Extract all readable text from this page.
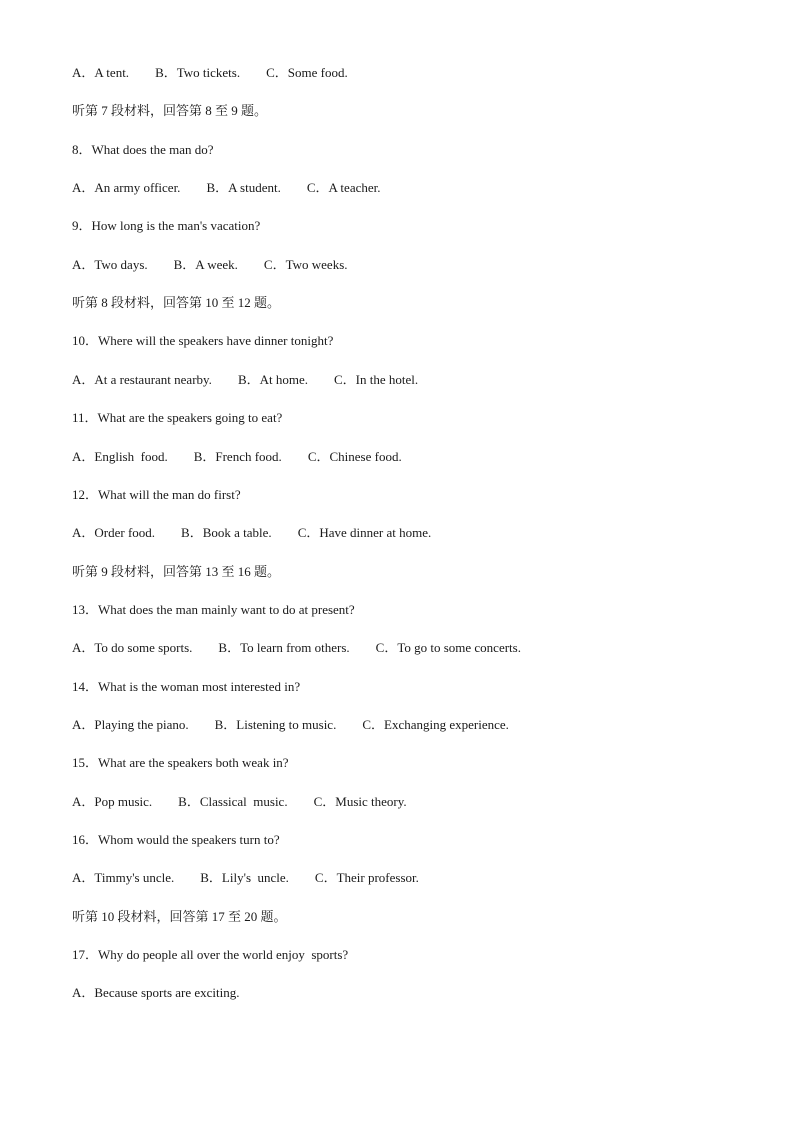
A．A tent. B．Two tickets. C．Some food.
听第 7 段材料，回答第 8 至 9 题。
8．What does the man do?
A．An army officer. B．A student. C．A teacher.
9．How long is the man's vacation?
A．Two days. B．A week. C．Two weeks.
听第 8 段材料，回答第 10 至 12 题。
10．Where will the speakers have dinner tonight?
A．At a restaurant nearby. B．At home. C．In the hotel.
11．What are the speakers going to eat?
A．English  food. B．French food. C．Chinese food.
12．What will the man do first?
A．Order food. B．Book a table. C．Have dinner at home.
听第 9 段材料，回答第 13 至 16 题。
13．What does the man mainly want to do at present?
A．To do some sports. B．To learn from others. C．To go to some concerts.
14．What is the woman most interested in?
A．Playing the piano. B．Listening to music. C．Exchanging experience.
15．What are the speakers both weak in?
A．Pop music. B．Classical  music. C．Music theory.
16．Whom would the speakers turn to?
A．Timmy's uncle. B．Lily's  uncle. C．Their professor.
听第 10 段材料，回答第 17 至 20 题。
17．Why do people all over the world enjoy  sports?
A．Because sports are exciting.
